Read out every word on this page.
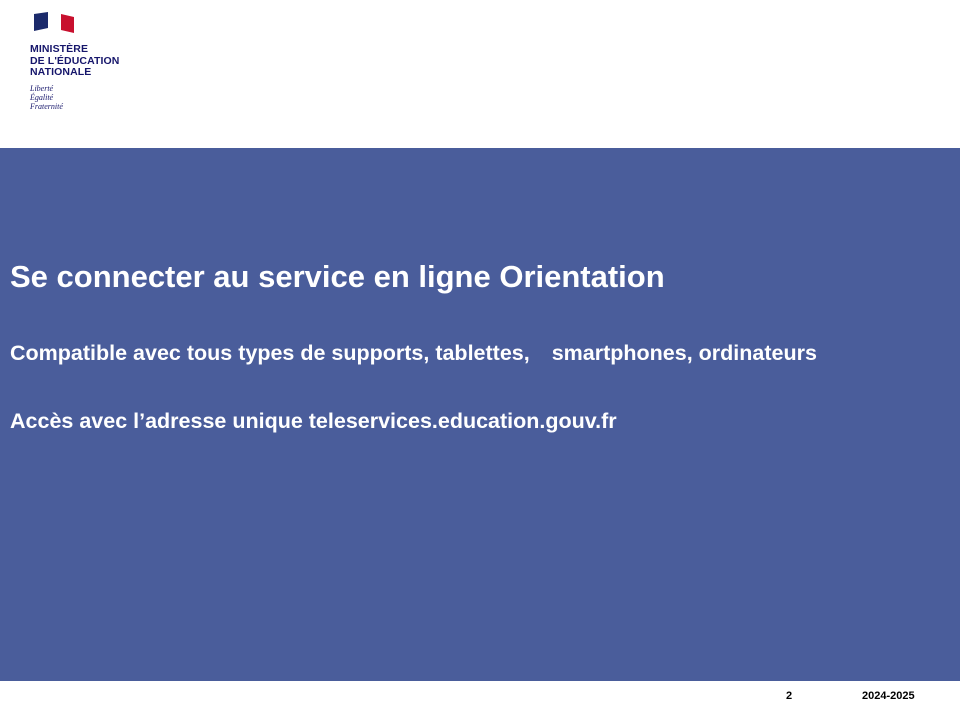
MINISTÈRE
DE L'ÉDUCATION
NATIONALE
Liberté
Égalité
Fraternité
Se connecter au service en ligne Orientation

Compatible avec tous types de supports, tablettes, smartphones, ordinateurs

Accès avec l’adresse unique teleservices.education.gouv.fr

2	2024-2025
